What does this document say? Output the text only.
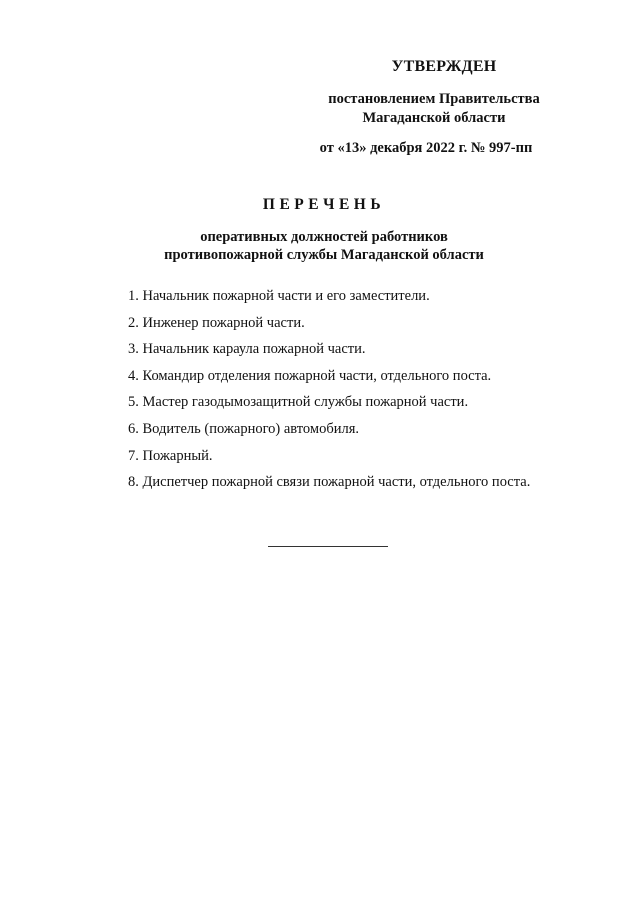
УТВЕРЖДЕН

постановлением Правительства

Магаданской области

от «13» декабря 2022 г. № 997-пп

ПЕРЕЧЕНЬ

оперативных должностей работников

противопожарной службы Магаданской области

1. Начальник пожарной части и его заместители.
2. Инженер пожарной части.
3. Начальник караула пожарной части.
4. Командир отделения пожарной части, отдельного поста.
5. Мастер газодымозащитной службы пожарной части.
6. Водитель (пожарного) автомобиля.
7. Пожарный.
8. Диспетчер пожарной связи пожарной части, отдельного поста.
